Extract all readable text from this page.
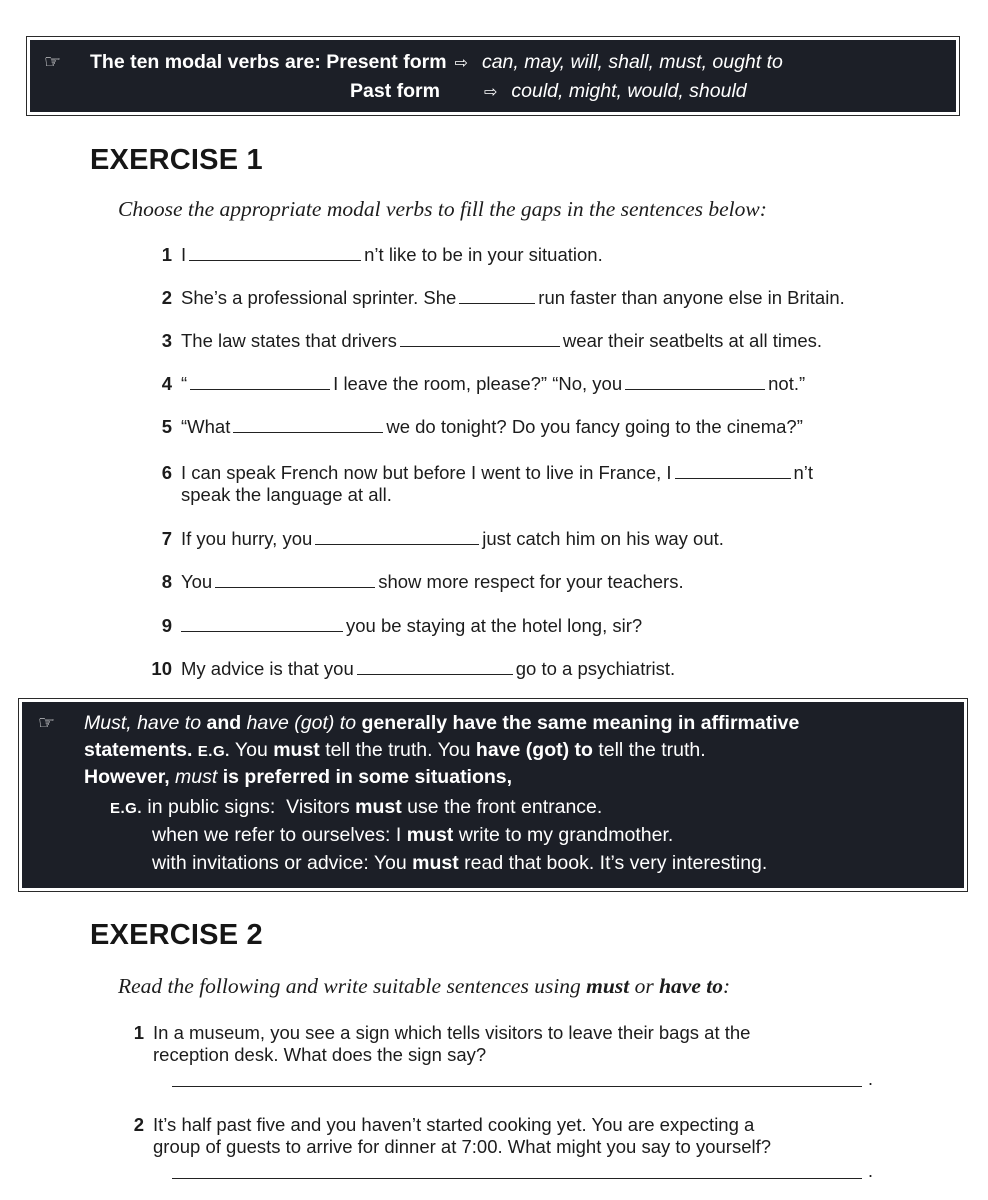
☞ The ten modal verbs are: Present form ⇨ can, may, will, shall, must, ought to
Past form	⇨ could, might, would, should
EXERCISE 1
Choose the appropriate modal verbs to fill the gaps in the sentences below:
1 I	n’t like to be in your situation.
2 She’s a professional sprinter. She	run faster than anyone else in Britain.
3 The law states that drivers	wear their seatbelts at all times.
4 “	I leave the room, please?” “No, you	not.”
5 “What	we do tonight? Do you fancy going to the cinema?”
6 I can speak French now but before I went to live in France, I	n’t
speak the language at all.
7 If you hurry, you	just catch him on his way out.
8 You	show more respect for your teachers.
9	you be staying at the hotel long, sir?
10 My advice is that you	go to a psychiatrist.
☞ Must, have to and have (got) to generally have the same meaning in affirmative
statements. E.G. You must tell the truth. You have (got) to tell the truth.
However, must is preferred in some situations,
E.G. in public signs:  Visitors must use the front entrance.
when we refer to ourselves: I must write to my grandmother.
with invitations or advice: You must read that book. It’s very interesting.
EXERCISE 2
Read the following and write suitable sentences using must or have to:
1 In a museum, you see a sign which tells visitors to leave their bags at the
reception desk. What does the sign say?
.
2 It’s half past five and you haven’t started cooking yet. You are expecting a
group of guests to arrive for dinner at 7:00. What might you say to yourself?
.
